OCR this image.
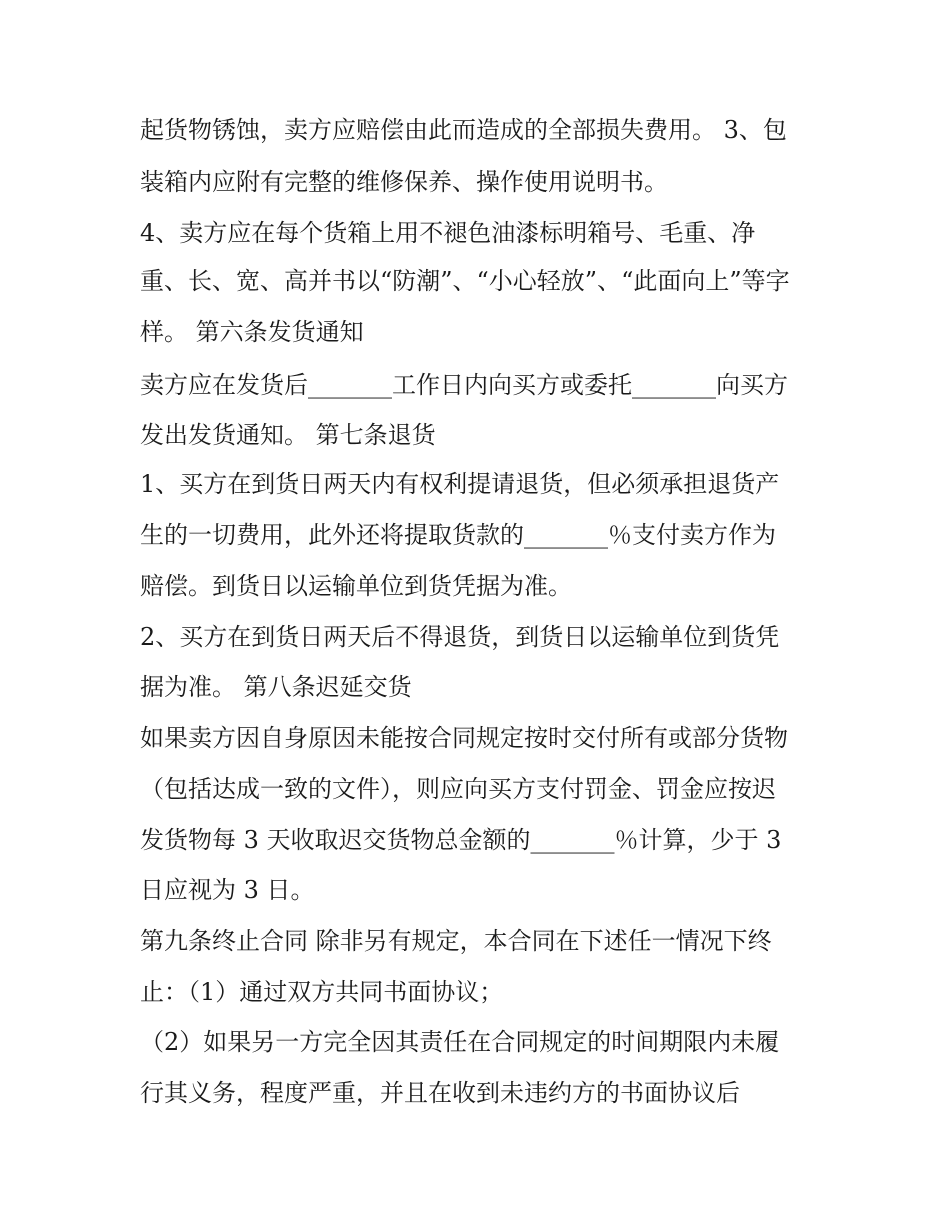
起货物锈蚀，卖方应赔偿由此而造成的全部损失费用。 3、包
装箱内应附有完整的维修保养、操作使用说明书。
4、卖方应在每个货箱上用不褪色油漆标明箱号、毛重、净
重、长、宽、高并书以“防潮”、“小心轻放”、“此面向上”等字
样。 第六条发货通知
卖方应在发货后_______工作日内向买方或委托_______向买方
发出发货通知。 第七条退货
1、买方在到货日两天内有权利提请退货，但必须承担退货产
生的一切费用，此外还将提取货款的_______％支付卖方作为
赔偿。到货日以运输单位到货凭据为准。
2、买方在到货日两天后不得退货，到货日以运输单位到货凭
据为准。 第八条迟延交货
如果卖方因自身原因未能按合同规定按时交付所有或部分货物
（包括达成一致的文件），则应向买方支付罚金、罚金应按迟
发货物每 3 天收取迟交货物总金额的_______％计算，少于 3
日应视为 3 日。
第九条终止合同 除非另有规定，本合同在下述任一情况下终
止：（1）通过双方共同书面协议；
（2）如果另一方完全因其责任在合同规定的时间期限内未履
行其义务，程度严重，并且在收到未违约方的书面协议后
